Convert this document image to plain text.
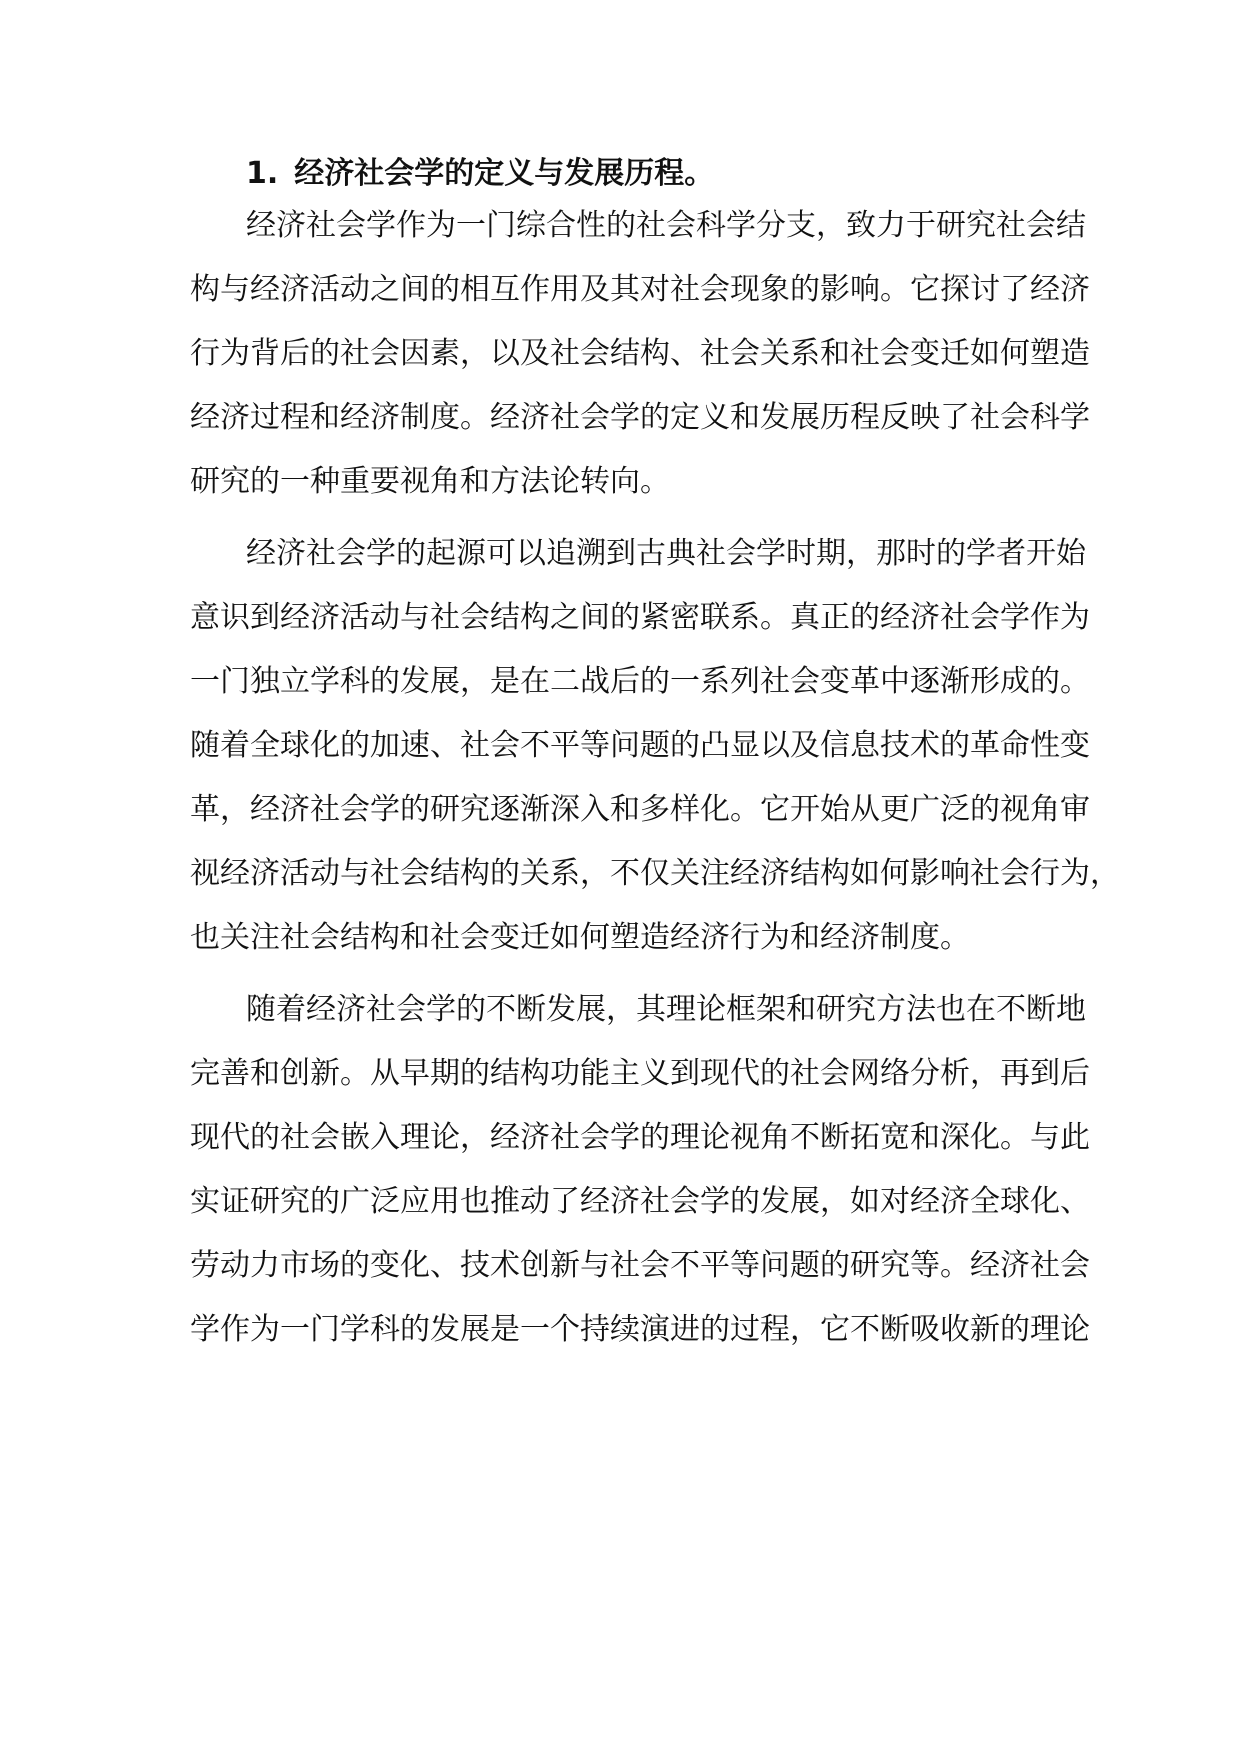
1. 经济社会学的定义与发展历程。
经济社会学作为一门综合性的社会科学分支，致力于研究社会结
构与经济活动之间的相互作用及其对社会现象的影响。它探讨了经济
行为背后的社会因素，以及社会结构、社会关系和社会变迁如何塑造
经济过程和经济制度。经济社会学的定义和发展历程反映了社会科学
研究的一种重要视角和方法论转向。
经济社会学的起源可以追溯到古典社会学时期，那时的学者开始
意识到经济活动与社会结构之间的紧密联系。真正的经济社会学作为
一门独立学科的发展，是在二战后的一系列社会变革中逐渐形成的。
随着全球化的加速、社会不平等问题的凸显以及信息技术的革命性变
革，经济社会学的研究逐渐深入和多样化。它开始从更广泛的视角审
视经济活动与社会结构的关系，不仅关注经济结构如何影响社会行为，
也关注社会结构和社会变迁如何塑造经济行为和经济制度。
随着经济社会学的不断发展，其理论框架和研究方法也在不断地
完善和创新。从早期的结构功能主义到现代的社会网络分析，再到后
现代的社会嵌入理论，经济社会学的理论视角不断拓宽和深化。与此
实证研究的广泛应用也推动了经济社会学的发展，如对经济全球化、
劳动力市场的变化、技术创新与社会不平等问题的研究等。经济社会
学作为一门学科的发展是一个持续演进的过程，它不断吸收新的理论
